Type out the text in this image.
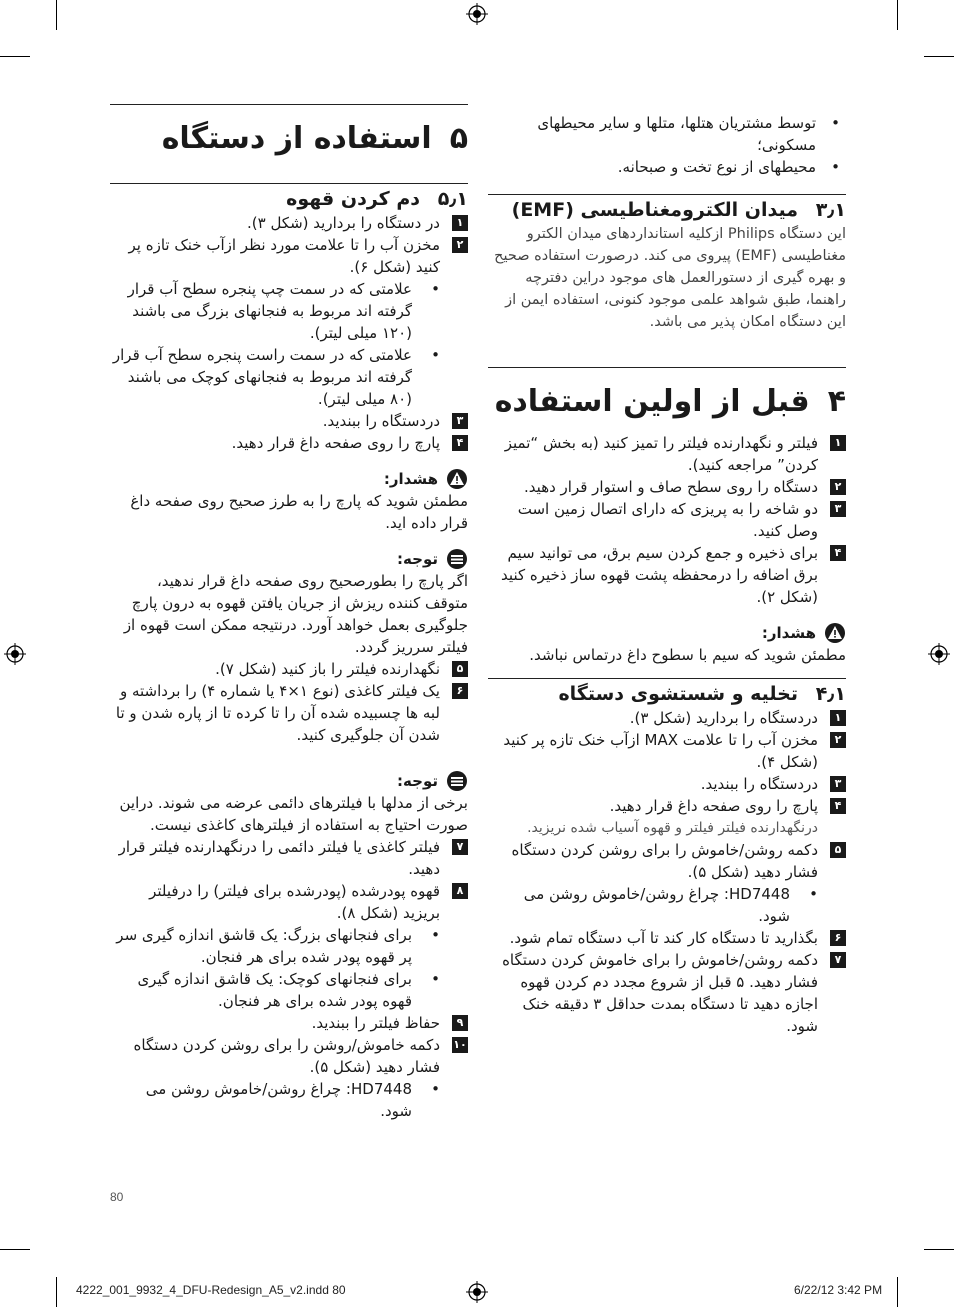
• توسط مشتریان هتلها، متلها و سایر محیطهای مسکونی؛

• محیطهای از نوع تخت و صبحانه.

۳٫۱
میدان الکترومغناطیسی (EMF)

این دستگاه Philips ازکلیه استانداردهای میدان الکترو مغناطیسی (EMF) پیروی می کند. درصورت استفاده صحیح و بهره گیری از دستورالعمل های موجود دراین دفترچه راهنما، طبق شواهد علمی موجود کنونی، استفاده ایمن از این دستگاه امکان پذیر می باشد.

۴
قبل از اولین استفاده
۱
فیلتر و نگهدارنده فیلتر را تمیز کنید (به بخش “تمیز کردن” مراجعه کنید).
۲
دستگاه را روی سطح صاف و استوار قرار دهید.
۳
دو شاخه را به پریزی که دارای اتصال زمین است وصل کنید.
۴
برای ذخیره و جمع کردن سیم برق، می توانید سیم برق اضافه را درمحفظه پشت قهوه ساز ذخیره کنید (شکل ٢).
هشدار:

مطمئن شوید که سیم با سطوح داغ درتماس نباشد.

۴٫۱
تخلیه و شستشوی دستگاه
۱
دردستگاه را بردارید (شکل ٣).
۲
مخزن آب را تا علامت MAX ازآب خنک تازه پر کنید (شکل ۴).
۳
دردستگاه را ببندید.
۴
پارچ را روی صفحه داغ قرار دهید.

درنگهدارنده فیلتر فیلتر و قهوه آسیاب شده نریزید.

۵
دکمه روشن/خاموش را برای روشن کردن دستگاه فشار دهید (شکل ۵).

• HD7448: چراغ روشن/خاموش روشن می شود.

۶
بگذارید تا دستگاه کار کند تا آب دستگاه تمام شود.
۷
دکمه روشن/خاموش را برای خاموش کردن دستگاه فشار دهید. ۵ قبل از شروع مجدد دم کردن قهوه اجازه دهید تا دستگاه بمدت حداقل ۳ دقیقه خنک شود.
۵
استفاده از دستگاه
۵٫۱
دم کردن قهوه
۱
در دستگاه را بردارید (شکل ٣).
۲
مخزن آب را تا علامت مورد نظر ازآب خنک تازه پر کنید (شکل ۶).

• علامتی که در سمت چپ پنجره سطح آب قرار گرفته اند مربوط به فنجانهای بزرگ می باشند (۱۲۰ میلی لیتر).

• علامتی که در سمت راست پنجره سطح آب قرار گرفته اند مربوط به فنجانهای کوچک می باشند (۸۰ میلی لیتر).

۳
دردستگاه را ببندید.
۴
پارچ را روی صفحه داغ قرار دهید.
هشدار:

مطمئن شوید که پارچ را به طرز صحیح روی صفحه داغ قرار داده اید.

توجه:

اگر پارچ را بطورصحیح روی صفحه داغ قرار ندهید، متوقف کننده ریزش از جریان یافتن قهوه به درون پارچ جلوگیری بعمل خواهد آورد. درنتیجه ممکن است قهوه از فیلتر سرریز گردد.

۵
نگهدارنده فیلتر را باز کنید (شکل ۷).
۶
یک فیلتر کاغذی (نوع ۱×۴ یا شماره ۴) را برداشته و لبه ها چسبیده شده آن را تا کرده تا از پاره شدن و تا شدن آن جلوگیری کنید.
توجه:

برخی از مدلها با فیلترهای دائمی عرضه می شوند. دراین صورت احتیاج به استفاده از فیلترهای کاغذی نیست.

۷
فیلتر کاغذی یا فیلتر دائمی را درنگهدارنده فیلتر قرار دهید.
۸
قهوه پودرشده (پودرشده برای فیلتر) را درفیلتر بریزید (شکل ۸).

• برای فنجانهای بزرگ: یک قاشق اندازه گیری سر پر قهوه پودر شده برای هر فنجان.

• برای فنجانهای کوچک: یک قاشق اندازه گیری قهوه پودر شده برای هر فنجان.

۹
حفاظ فیلتر را ببندید.
۱۰
دکمه خاموش/روشن را برای روشن کردن دستگاه فشار دهید (شکل ۵).

• HD7448: چراغ روشن/خاموش روشن می شود.

80
4222_001_9932_4_DFU-Redesign_A5_v2.indd 80	6/22/12 3:42 PM
